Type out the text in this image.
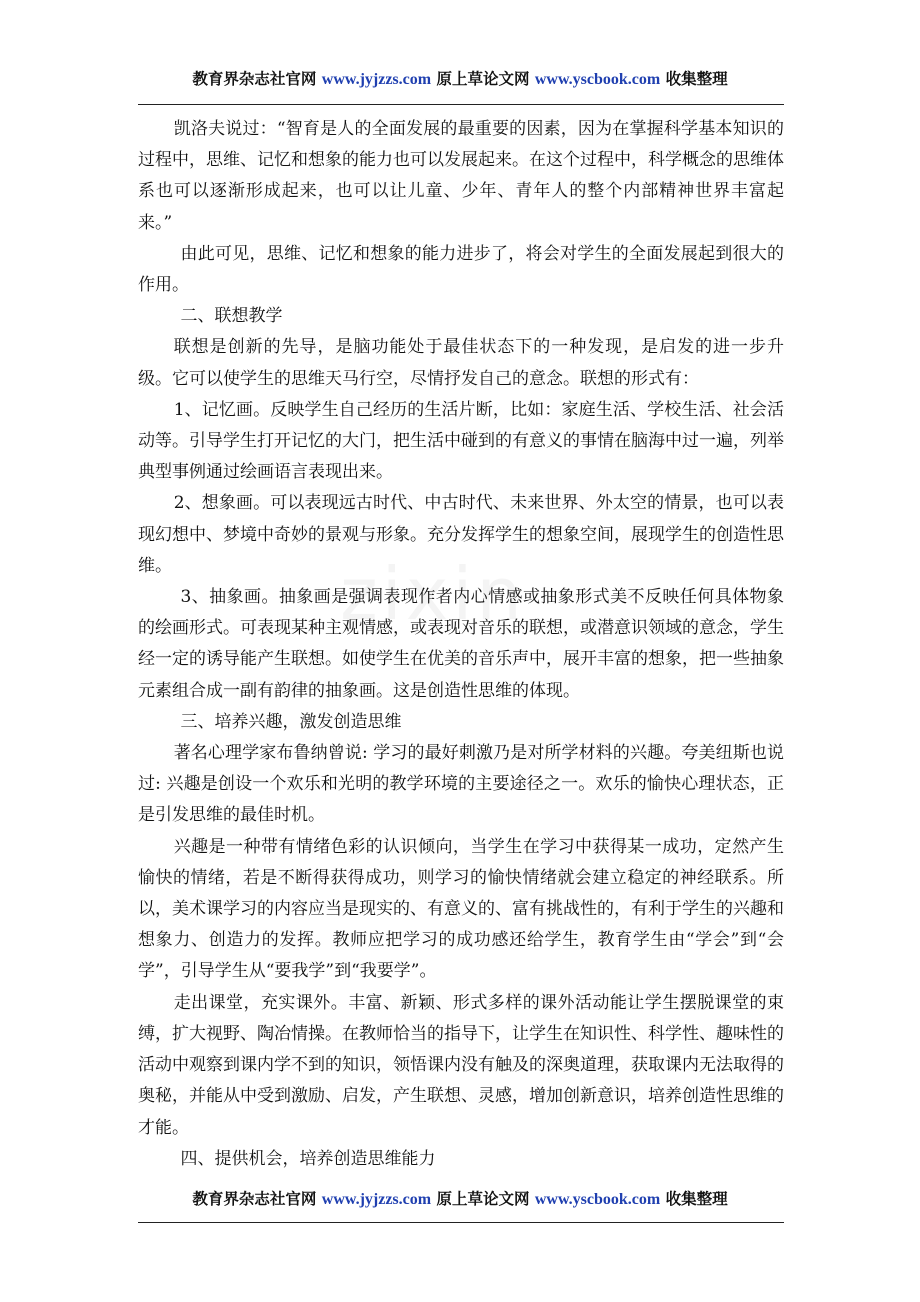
教育界杂志社官网 www.jyjzzs.com 原上草论文网 www.yscbook.com 收集整理

凯洛夫说过：“智育是人的全面发展的最重要的因素，因为在掌握科学基本知识的过程中，思维、记忆和想象的能力也可以发展起来。在这个过程中，科学概念的思维体系也可以逐渐形成起来，也可以让儿童、少年、青年人的整个内部精神世界丰富起来。”

由此可见，思维、记忆和想象的能力进步了，将会对学生的全面发展起到很大的作用。

二、联想教学

联想是创新的先导，是脑功能处于最佳状态下的一种发现，是启发的进一步升级。它可以使学生的思维天马行空，尽情抒发自己的意念。联想的形式有：

1、记忆画。反映学生自己经历的生活片断，比如：家庭生活、学校生活、社会活动等。引导学生打开记忆的大门，把生活中碰到的有意义的事情在脑海中过一遍，列举典型事例通过绘画语言表现出来。

2、想象画。可以表现远古时代、中古时代、未来世界、外太空的情景，也可以表现幻想中、梦境中奇妙的景观与形象。充分发挥学生的想象空间，展现学生的创造性思维。

3、抽象画。抽象画是强调表现作者内心情感或抽象形式美不反映任何具体物象的绘画形式。可表现某种主观情感，或表现对音乐的联想，或潜意识领域的意念，学生经一定的诱导能产生联想。如使学生在优美的音乐声中，展开丰富的想象，把一些抽象元素组合成一副有韵律的抽象画。这是创造性思维的体现。

三、培养兴趣，激发创造思维

著名心理学家布鲁纳曾说: 学习的最好刺激乃是对所学材料的兴趣。夸美纽斯也说过: 兴趣是创设一个欢乐和光明的教学环境的主要途径之一。欢乐的愉快心理状态，正是引发思维的最佳时机。

兴趣是一种带有情绪色彩的认识倾向，当学生在学习中获得某一成功，定然产生愉快的情绪，若是不断得获得成功，则学习的愉快情绪就会建立稳定的神经联系。所以，美术课学习的内容应当是现实的、有意义的、富有挑战性的，有利于学生的兴趣和想象力、创造力的发挥。教师应把学习的成功感还给学生，教育学生由“学会”到“会学”，引导学生从“要我学”到“我要学”。

走出课堂，充实课外。丰富、新颖、形式多样的课外活动能让学生摆脱课堂的束缚，扩大视野、陶冶情操。在教师恰当的指导下，让学生在知识性、科学性、趣味性的活动中观察到课内学不到的知识，领悟课内没有触及的深奥道理，获取课内无法取得的奥秘，并能从中受到激励、启发，产生联想、灵感，增加创新意识，培养创造性思维的才能。

四、提供机会，培养创造思维能力

教育界杂志社官网 www.jyjzzs.com 原上草论文网 www.yscbook.com 收集整理
